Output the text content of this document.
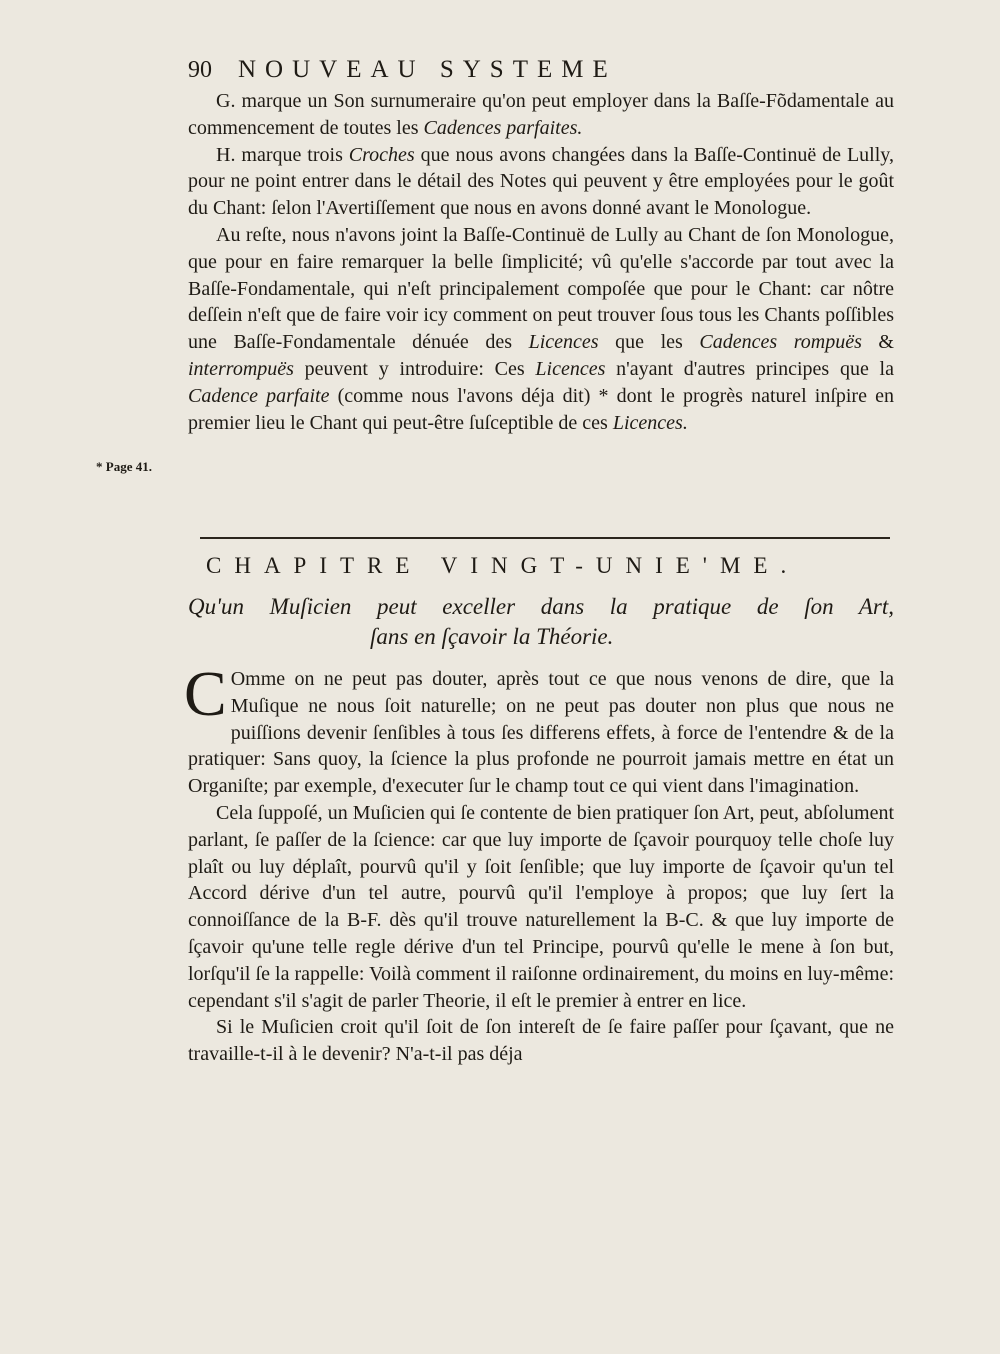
90 NOUVEAU SYSTEME

G. marque un Son surnumeraire qu'on peut employer dans la Baſſe-Fõdamentale au commencement de toutes les Cadences parfaites.

H. marque trois Croches que nous avons changées dans la Baſſe-Continuë de Lully, pour ne point entrer dans le détail des Notes qui peuvent y être employées pour le goût du Chant: ſelon l'Avertiſſement que nous en avons donné avant le Monologue.

Au reſte, nous n'avons joint la Baſſe-Continuë de Lully au Chant de ſon Monologue, que pour en faire remarquer la belle ſimplicité; vû qu'elle s'accorde par tout avec la Baſſe-Fondamentale, qui n'eſt principalement compoſée que pour le Chant: car nôtre deſſein n'eſt que de faire voir icy comment on peut trouver ſous tous les Chants poſſibles une Baſſe-Fondamentale dénuée des Licences que les Cadences rompuës & interrompuës peuvent y introduire: Ces Licences n'ayant d'autres principes que la Cadence parfaite (comme nous l'avons déja dit) * dont le progrès naturel inſpire en premier lieu le Chant qui peut-être ſuſceptible de ces Licences.

* Page 41.
CHAPITRE VINGT-UNIE'ME.
Qu'un Muſicien peut exceller dans la pratique de ſon Art,
ſans en ſçavoir la Théorie.

C Omme on ne peut pas douter, après tout ce que nous venons de dire, que la Muſique ne nous ſoit naturelle; on ne peut pas douter non plus que nous ne puiſſions devenir ſenſibles à tous ſes differens effets, à force de l'entendre & de la pratiquer: Sans quoy, la ſcience la plus profonde ne pourroit jamais mettre en état un Organiſte; par exemple, d'executer ſur le champ tout ce qui vient dans l'imagination.

Cela ſuppoſé, un Muſicien qui ſe contente de bien pratiquer ſon Art, peut, abſolument parlant, ſe paſſer de la ſcience: car que luy importe de ſçavoir pourquoy telle choſe luy plaît ou luy déplaît, pourvû qu'il y ſoit ſenſible; que luy importe de ſçavoir qu'un tel Accord dérive d'un tel autre, pourvû qu'il l'employe à propos; que luy ſert la connoiſſance de la B-F. dès qu'il trouve naturellement la B-C. & que luy importe de ſçavoir qu'une telle regle dérive d'un tel Principe, pourvû qu'elle le mene à ſon but, lorſqu'il ſe la rappelle: Voilà comment il raiſonne ordinairement, du moins en luy-même: cependant s'il s'agit de parler Theorie, il eſt le premier à entrer en lice.

Si le Muſicien croit qu'il ſoit de ſon intereſt de ſe faire paſſer pour ſçavant, que ne travaille-t-il à le devenir? N'a-t-il pas déja
